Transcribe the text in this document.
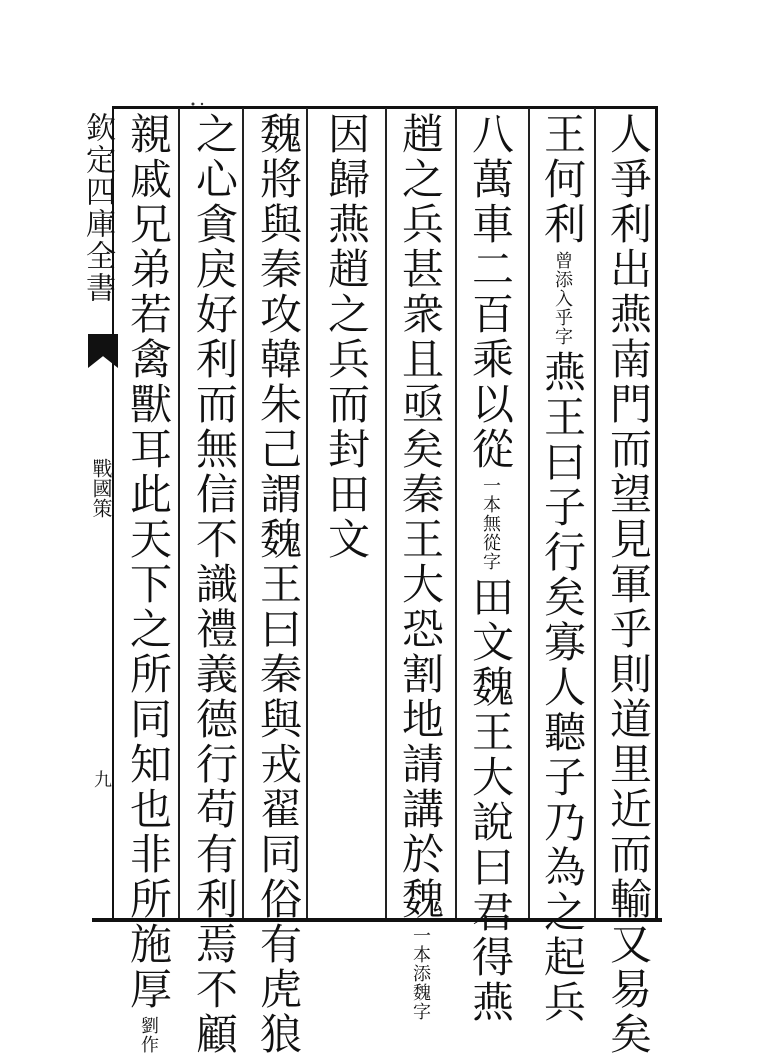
欽定四庫全書
戰國策
九	人爭利出燕南門而望見軍乎則道里近而輸又易矣
王何利曾添入乎字燕王曰子行矣寡人聽子乃為之起兵
八萬車二百乘以從一本無從字田文魏王大說曰君得燕
趙之兵甚衆且亟矣秦王大恐割地請講於魏一本添魏字
因歸燕趙之兵而封田文
魏將與秦攻韓朱己謂魏王曰秦與戎翟同俗有虎狼
之心貪戾好利而無信不識禮義德行苟有利焉不顧
親戚兄弟若禽獸耳此天下之所同知也非所施厚劉作
